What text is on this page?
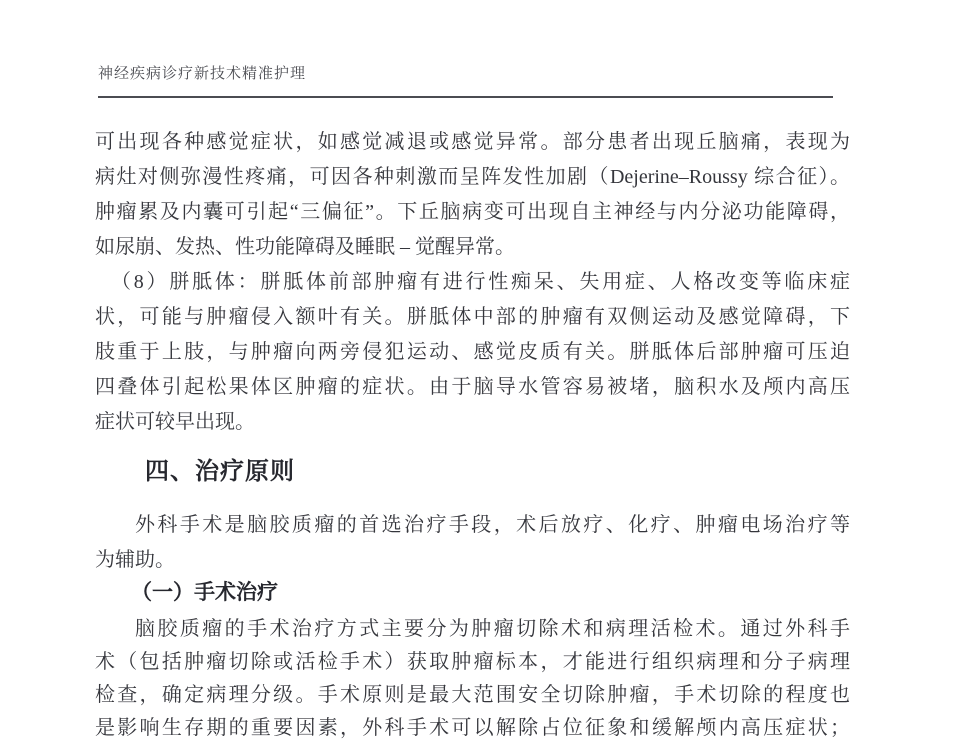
神经疾病诊疗新技术精准护理
可出现各种感觉症状，如感觉减退或感觉异常。部分患者出现丘脑痛，表现为
病灶对侧弥漫性疼痛，可因各种刺激而呈阵发性加剧（Dejerine–Roussy 综合征）。
肿瘤累及内囊可引起“三偏征”。下丘脑病变可出现自主神经与内分泌功能障碍，
如尿崩、发热、性功能障碍及睡眠 – 觉醒异常。
（8）胼胝体：胼胝体前部肿瘤有进行性痴呆、失用症、人格改变等临床症
状，可能与肿瘤侵入额叶有关。胼胝体中部的肿瘤有双侧运动及感觉障碍，下
肢重于上肢，与肿瘤向两旁侵犯运动、感觉皮质有关。胼胝体后部肿瘤可压迫
四叠体引起松果体区肿瘤的症状。由于脑导水管容易被堵，脑积水及颅内高压
症状可较早出现。
四、治疗原则
外科手术是脑胶质瘤的首选治疗手段，术后放疗、化疗、肿瘤电场治疗等
为辅助。
（一）手术治疗
脑胶质瘤的手术治疗方式主要分为肿瘤切除术和病理活检术。通过外科手
术（包括肿瘤切除或活检手术）获取肿瘤标本，才能进行组织病理和分子病理
检查，确定病理分级。手术原则是最大范围安全切除肿瘤，手术切除的程度也
是影响生存期的重要因素，外科手术可以解除占位征象和缓解颅内高压症状；
